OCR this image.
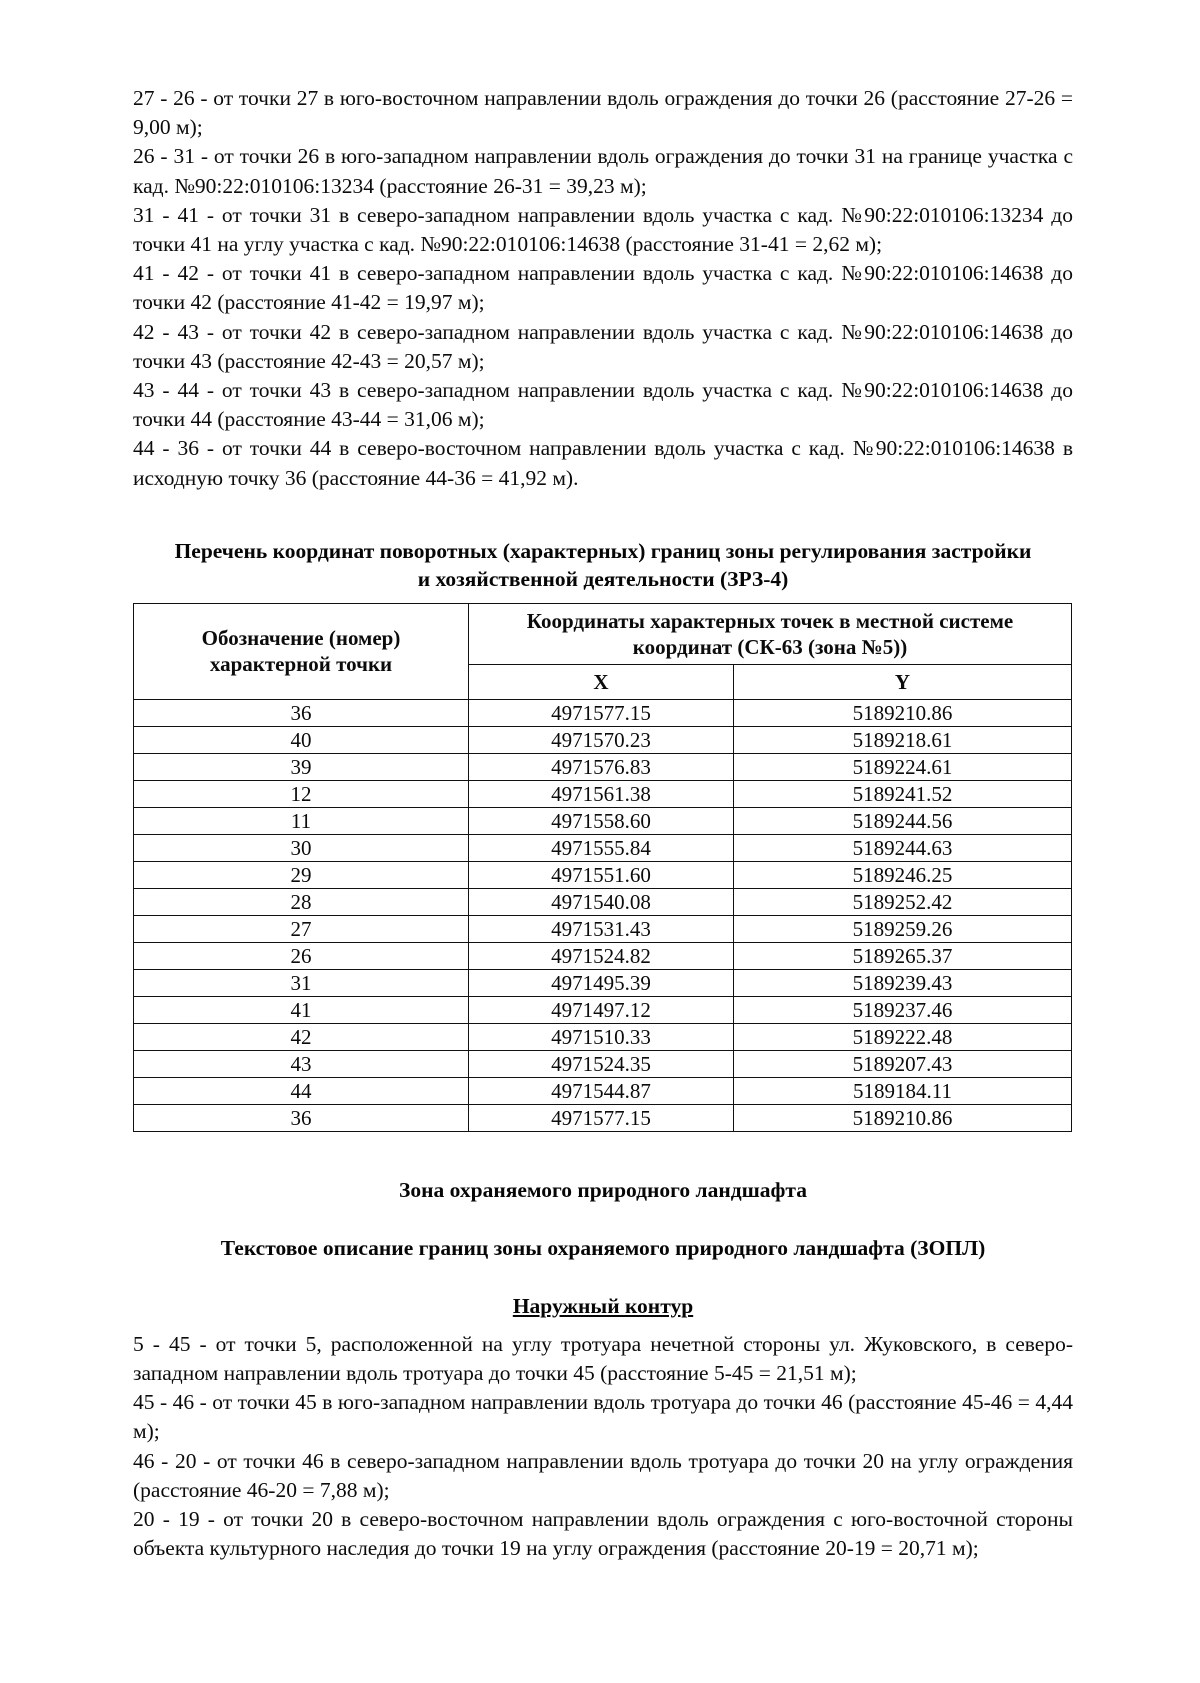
27 - 26 - от точки 27 в юго-восточном направлении вдоль ограждения до точки 26 (расстояние 27-26 = 9,00 м);

26 - 31 - от точки 26 в юго-западном направлении вдоль ограждения до точки 31 на границе участка с кад. №90:22:010106:13234 (расстояние 26-31 = 39,23 м);

31 - 41 - от точки 31 в северо-западном направлении вдоль участка с кад. №90:22:010106:13234 до точки 41 на углу участка с кад. №90:22:010106:14638 (расстояние 31-41 = 2,62 м);

41 - 42 - от точки 41 в северо-западном направлении вдоль участка с кад. №90:22:010106:14638 до точки 42 (расстояние 41-42 = 19,97 м);

42 - 43 - от точки 42 в северо-западном направлении вдоль участка с кад. №90:22:010106:14638 до точки 43 (расстояние 42-43 = 20,57 м);

43 - 44 - от точки 43 в северо-западном направлении вдоль участка с кад. №90:22:010106:14638 до точки 44 (расстояние 43-44 = 31,06 м);

44 - 36 - от точки 44 в северо-восточном направлении вдоль участка с кад. №90:22:010106:14638 в исходную точку 36 (расстояние 44-36 = 41,92 м).

Перечень координат поворотных (характерных) границ зоны регулирования застройки
и хозяйственной деятельности (ЗРЗ-4)
Обозначение (номер)
характерной точки	Координаты характерных точек в местной системе
координат (СК-63 (зона №5))	
	X	Y
36	4971577.15	5189210.86
40	4971570.23	5189218.61
39	4971576.83	5189224.61
12	4971561.38	5189241.52
11	4971558.60	5189244.56
30	4971555.84	5189244.63
29	4971551.60	5189246.25
28	4971540.08	5189252.42
27	4971531.43	5189259.26
26	4971524.82	5189265.37
31	4971495.39	5189239.43
41	4971497.12	5189237.46
42	4971510.33	5189222.48
43	4971524.35	5189207.43
44	4971544.87	5189184.11
36	4971577.15	5189210.86
Зона охраняемого природного ландшафта
Текстовое описание границ зоны охраняемого природного ландшафта (ЗОПЛ)
Наружный контур

5 - 45 - от точки 5, расположенной на углу тротуара нечетной стороны ул. Жуковского, в северо-западном направлении вдоль тротуара до точки 45 (расстояние 5-45 = 21,51 м);

45 - 46 - от точки 45 в юго-западном направлении вдоль тротуара до точки 46 (расстояние 45-46 = 4,44 м);

46 - 20 - от точки 46 в северо-западном направлении вдоль тротуара до точки 20 на углу ограждения (расстояние 46-20 = 7,88 м);

20 - 19 - от точки 20 в северо-восточном направлении вдоль ограждения с юго-восточной стороны объекта культурного наследия до точки 19 на углу ограждения (расстояние 20-19 = 20,71 м);
